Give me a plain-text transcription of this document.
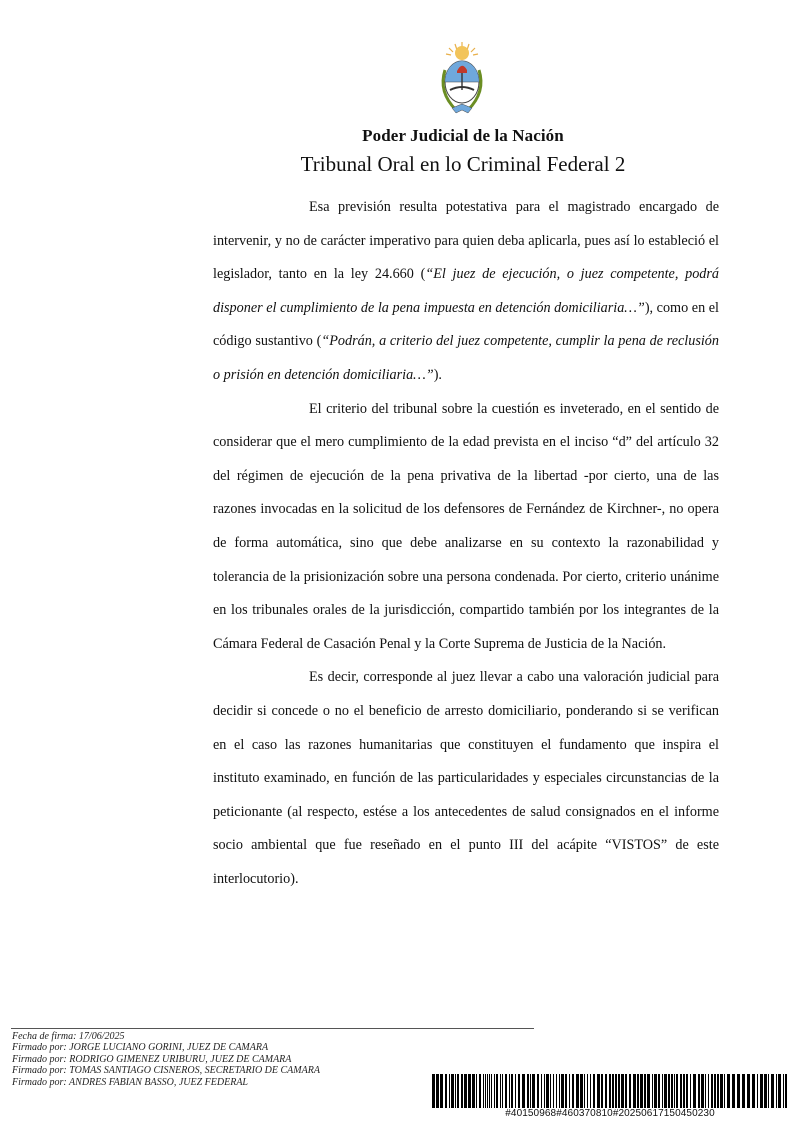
Poder Judicial de la Nación
Tribunal Oral en lo Criminal Federal 2

Esa previsión resulta potestativa para el magistrado encargado de intervenir, y no de carácter imperativo para quien deba aplicarla, pues así lo estableció el legislador, tanto en la ley 24.660 (“El juez de ejecución, o juez competente, podrá disponer el cumplimiento de la pena impuesta en detención domiciliaria…”), como en el código sustantivo (“Podrán, a criterio del juez competente, cumplir la pena de reclusión o prisión en detención domiciliaria…”).

El criterio del tribunal sobre la cuestión es inveterado, en el sentido de considerar que el mero cumplimiento de la edad prevista en el inciso “d” del artículo 32 del régimen de ejecución de la pena privativa de la libertad -por cierto, una de las razones invocadas en la solicitud de los defensores de Fernández de Kirchner-, no opera de forma automática, sino que debe analizarse en su contexto la razonabilidad y tolerancia de la prisionización sobre una persona condenada. Por cierto, criterio unánime en los tribunales orales de la jurisdicción, compartido también por los integrantes de la Cámara Federal de Casación Penal y la Corte Suprema de Justicia de la Nación.

Es decir, corresponde al juez llevar a cabo una valoración judicial para decidir si concede o no el beneficio de arresto domiciliario, ponderando si se verifican en el caso las razones humanitarias que constituyen el fundamento que inspira el instituto examinado, en función de las particularidades y especiales circunstancias de la peticionante (al respecto, estése a los antecedentes de salud consignados en el informe socio ambiental que fue reseñado en el punto III del acápite “VISTOS” de este interlocutorio).

Fecha de firma: 17/06/2025
Firmado por: JORGE LUCIANO GORINI, JUEZ DE CAMARA
Firmado por: RODRIGO GIMENEZ URIBURU, JUEZ DE CAMARA
Firmado por: TOMAS SANTIAGO CISNEROS, SECRETARIO DE CAMARA
Firmado por: ANDRES FABIAN BASSO, JUEZ FEDERAL
#40150968#460370810#20250617150450230
